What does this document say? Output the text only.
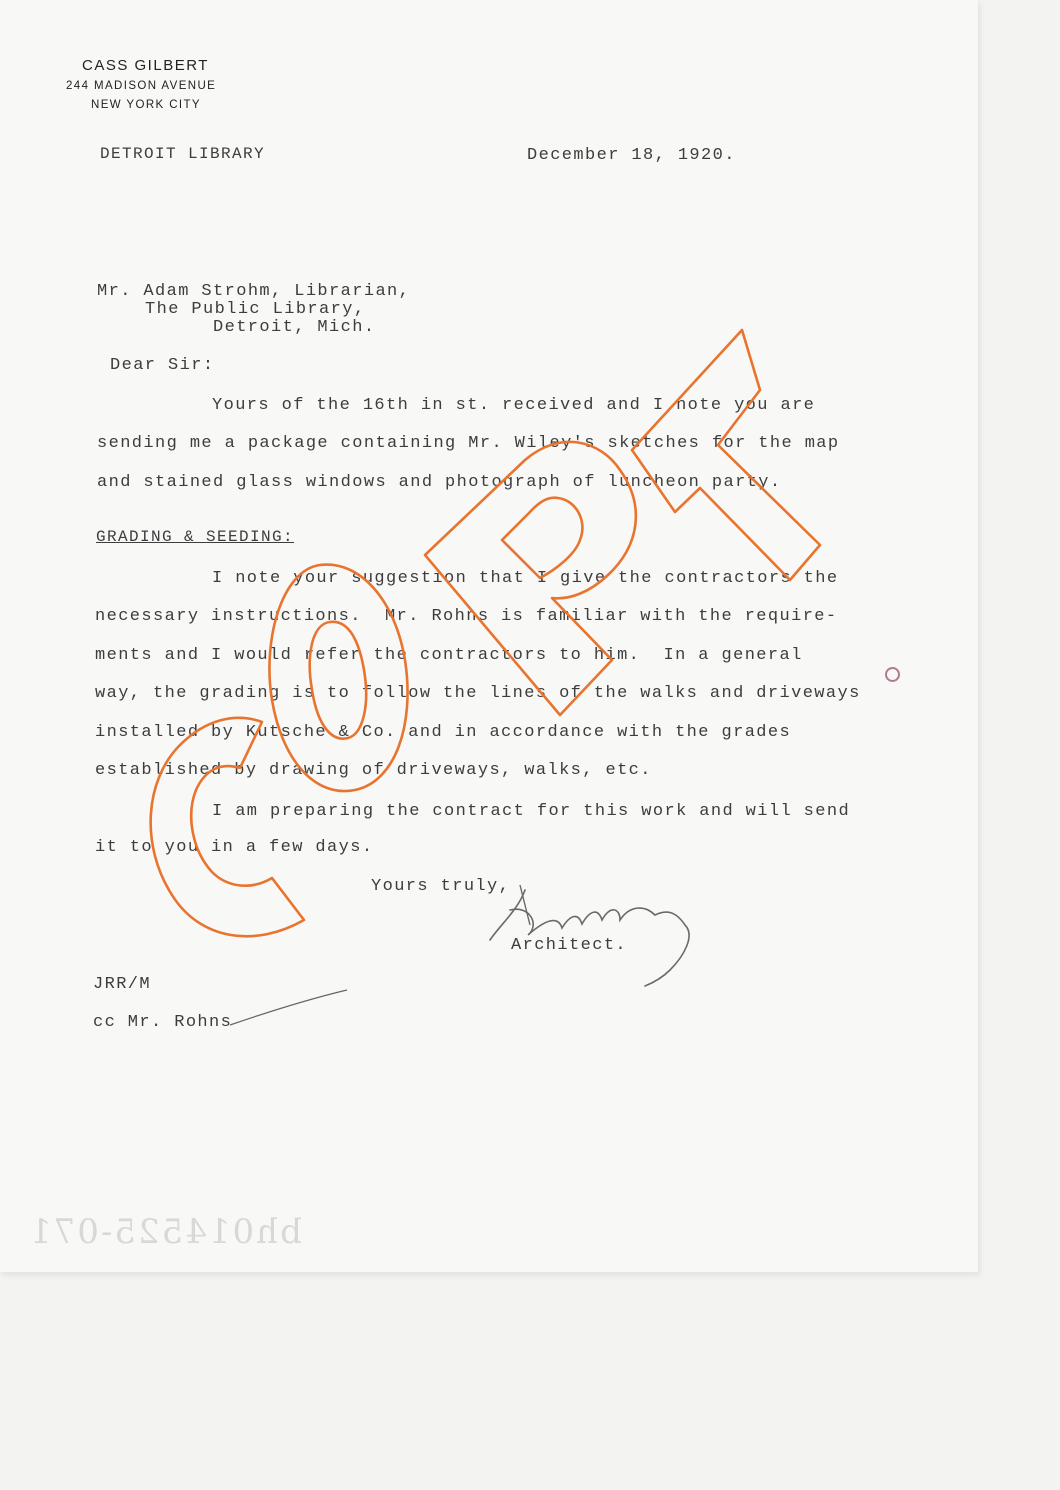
CASS GILBERT
244 MADISON AVENUE
NEW YORK CITY
DETROIT LIBRARY	December 18, 1920.
Mr. Adam Strohm, Librarian,
The Public Library,
Detroit, Mich.
Dear Sir:
Yours of the 16th in st. received and I note you are
sending me a package containing Mr. Wiley's sketches for the map
and stained glass windows and photograph of luncheon party.
GRADING & SEEDING:
I note your suggestion that I give the contractors the
necessary instructions.  Mr. Rohns is familiar with the require-
ments and I would refer the contractors to him.  In a general
way, the grading is to follow the lines of the walks and driveways
installed by Kutsche & Co. and in accordance with the grades
established by drawing of driveways, walks, etc.
I am preparing the contract for this work and will send
it to you in a few days.
Yours truly,
Architect.
JRR/M
cc Mr. Rohns
bh014525-071
